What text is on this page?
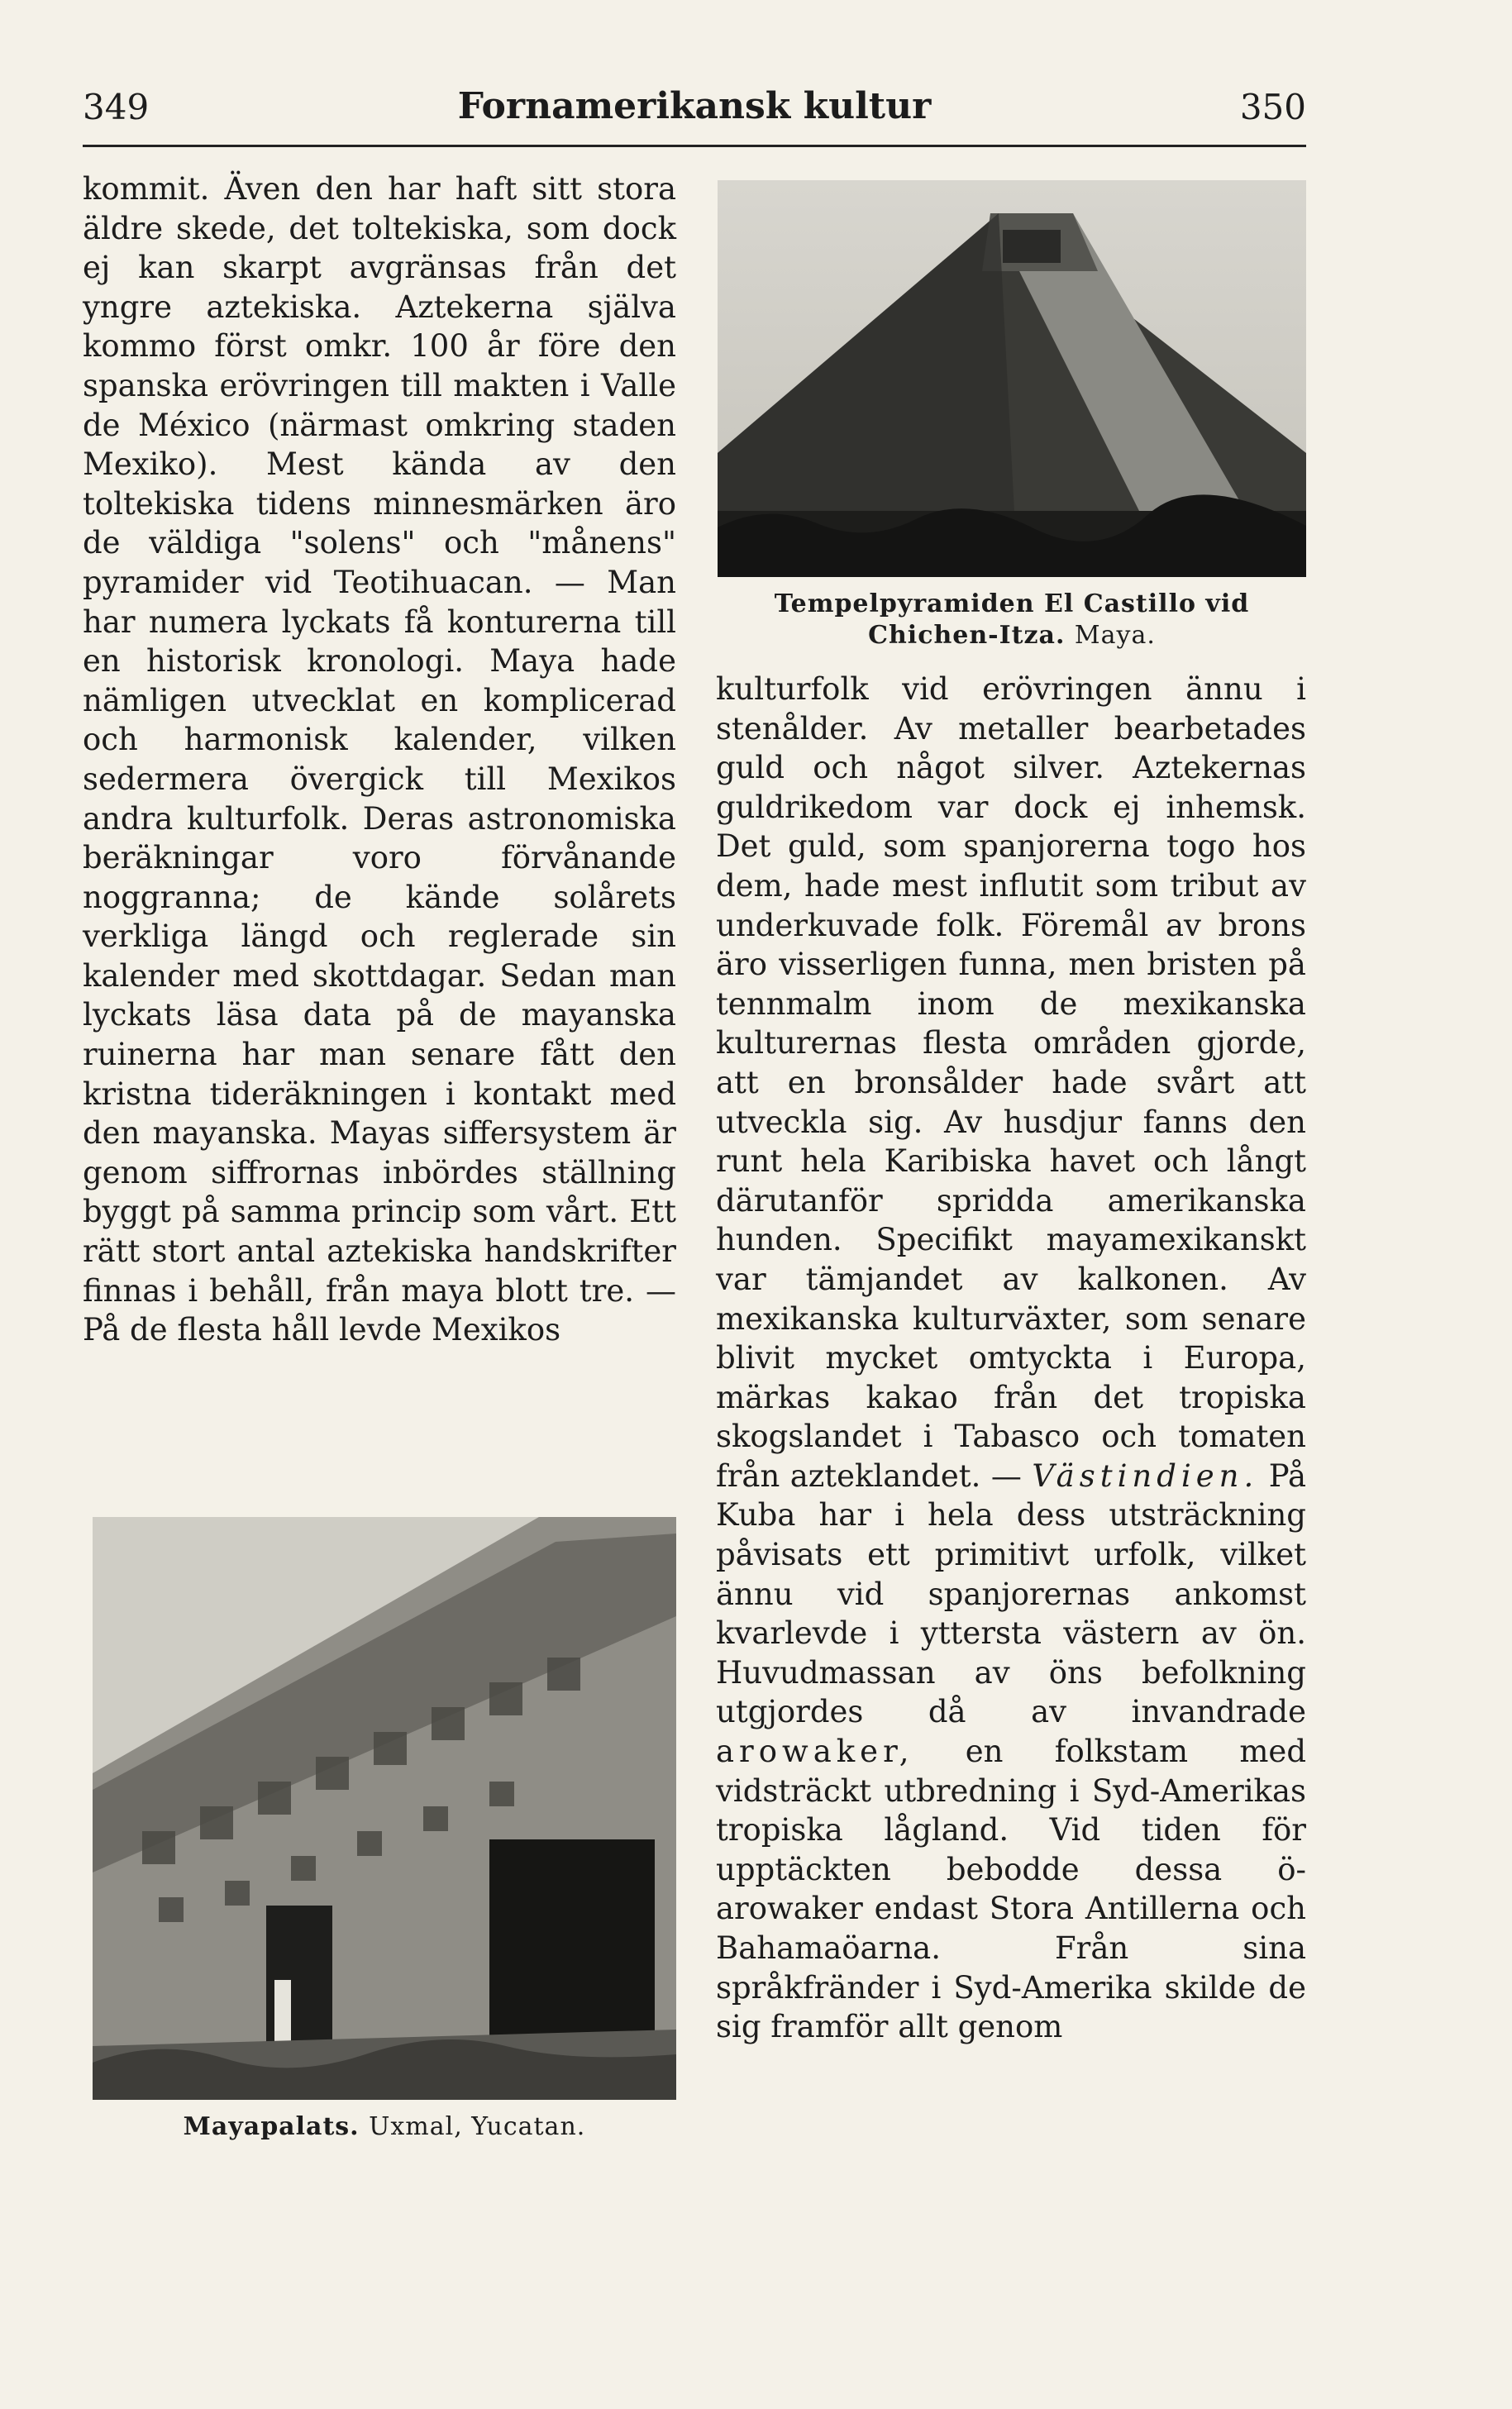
349	Fornamerikansk kultur	350

kommit. Även den har haft sitt stora äldre skede, det toltekiska, som dock ej kan skarpt avgränsas från det yngre aztekiska. Aztekerna själva kommo först omkr. 100 år före den spanska erövringen till makten i Valle de México (närmast omkring staden Mexiko). Mest kända av den toltekiska tidens minnesmärken äro de väldiga "solens" och "månens" pyramider vid Teotihuacan. — Man har numera lyckats få konturerna till en historisk kronologi. Maya hade nämligen utvecklat en komplicerad och harmonisk kalender, vilken sedermera övergick till Mexikos andra kulturfolk. Deras astronomiska beräkningar voro förvånande noggranna; de kände solårets verkliga längd och reglerade sin kalender med skottdagar. Sedan man lyckats läsa data på de mayanska ruinerna har man senare fått den kristna tideräkningen i kontakt med den mayanska. Mayas siffersystem är genom siffrornas inbördes ställning byggt på samma princip som vårt. Ett rätt stort antal aztekiska handskrifter finnas i behåll, från maya blott tre. — På de flesta håll levde Mexikos

Tempelpyramiden El Castillo vid Chichen-Itza. Maya.

kulturfolk vid erövringen ännu i stenålder. Av metaller bearbetades guld och något silver. Aztekernas guldrikedom var dock ej inhemsk. Det guld, som spanjorerna togo hos dem, hade mest influtit som tribut av underkuvade folk. Föremål av brons äro visserligen funna, men bristen på tennmalm inom de mexikanska kulturernas flesta områden gjorde, att en bronsålder hade svårt att utveckla sig. Av husdjur fanns den runt hela Karibiska havet och långt därutanför spridda amerikanska hunden. Specifikt mayamexikanskt var tämjandet av kalkonen. Av mexikanska kulturväxter, som senare blivit mycket omtyckta i Europa, märkas kakao från det tropiska skogslandet i Tabasco och tomaten från azteklandet. — Västindien. På Kuba har i hela dess utsträckning påvisats ett primitivt urfolk, vilket ännu vid spanjorernas ankomst kvarlevde i yttersta västern av ön. Huvudmassan av öns befolkning utgjordes då av invandrade arowaker, en folkstam med vidsträckt utbredning i Syd-Amerikas tropiska lågland. Vid tiden för upptäckten bebodde dessa ö-arowaker endast Stora Antillerna och Bahamaöarna. Från sina språkfränder i Syd-Amerika skilde de sig framför allt genom

Mayapalats. Uxmal, Yucatan.
